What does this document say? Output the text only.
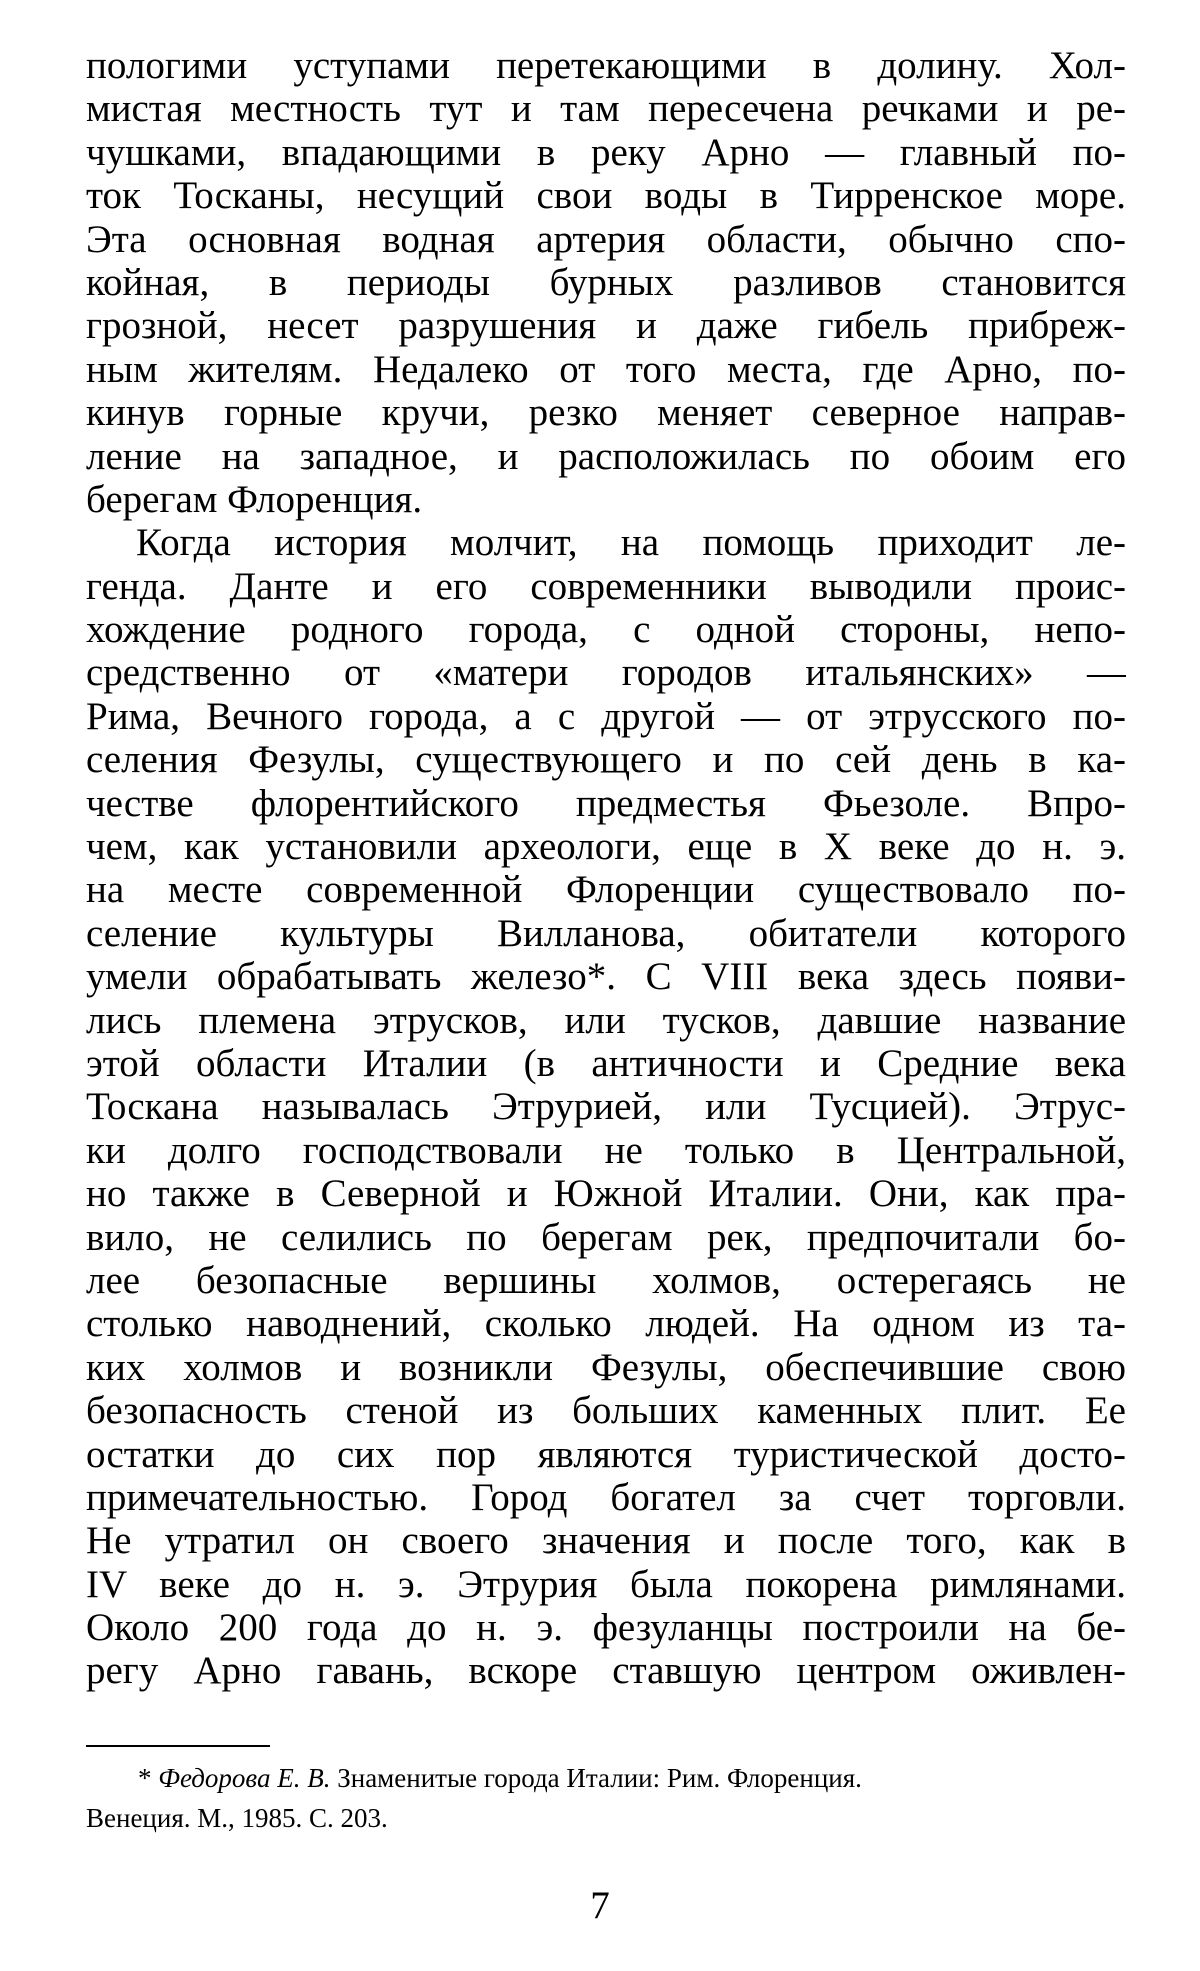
пологими уступами перетекающими в долину. Хол-
мистая местность тут и там пересечена речками и ре-
чушками, впадающими в реку Арно — главный по-
ток Тосканы, несущий свои воды в Тирренское море.
Эта основная водная артерия области, обычно спо-
койная, в периоды бурных разливов становится
грозной, несет разрушения и даже гибель прибреж-
ным жителям. Недалеко от того места, где Арно, по-
кинув горные кручи, резко меняет северное направ-
ление на западное, и расположилась по обоим его
берегам Флоренция.
Когда история молчит, на помощь приходит ле-
генда. Данте и его современники выводили проис-
хождение родного города, с одной стороны, непо-
средственно от «матери городов итальянских» —
Рима, Вечного города, а с другой — от этрусского по-
селения Фезулы, существующего и по сей день в ка-
честве флорентийского предместья Фьезоле. Впро-
чем, как установили археологи, еще в X веке до н. э.
на месте современной Флоренции существовало по-
селение культуры Вилланова, обитатели которого
умели обрабатывать железо*. С VIII века здесь появи-
лись племена этрусков, или тусков, давшие название
этой области Италии (в античности и Средние века
Тоскана называлась Этрурией, или Тусцией). Этрус-
ки долго господствовали не только в Центральной,
но также в Северной и Южной Италии. Они, как пра-
вило, не селились по берегам рек, предпочитали бо-
лее безопасные вершины холмов, остерегаясь не
столько наводнений, сколько людей. На одном из та-
ких холмов и возникли Фезулы, обеспечившие свою
безопасность стеной из больших каменных плит. Ее
остатки до сих пор являются туристической досто-
примечательностью. Город богател за счет торговли.
Не утратил он своего значения и после того, как в
IV веке до н. э. Этрурия была покорена римлянами.
Около 200 года до н. э. фезуланцы построили на бе-
регу Арно гавань, вскоре ставшую центром оживлен-
* Федорова Е. В. Знаменитые города Италии: Рим. Флоренция.
Венеция. М., 1985. С. 203.
7
